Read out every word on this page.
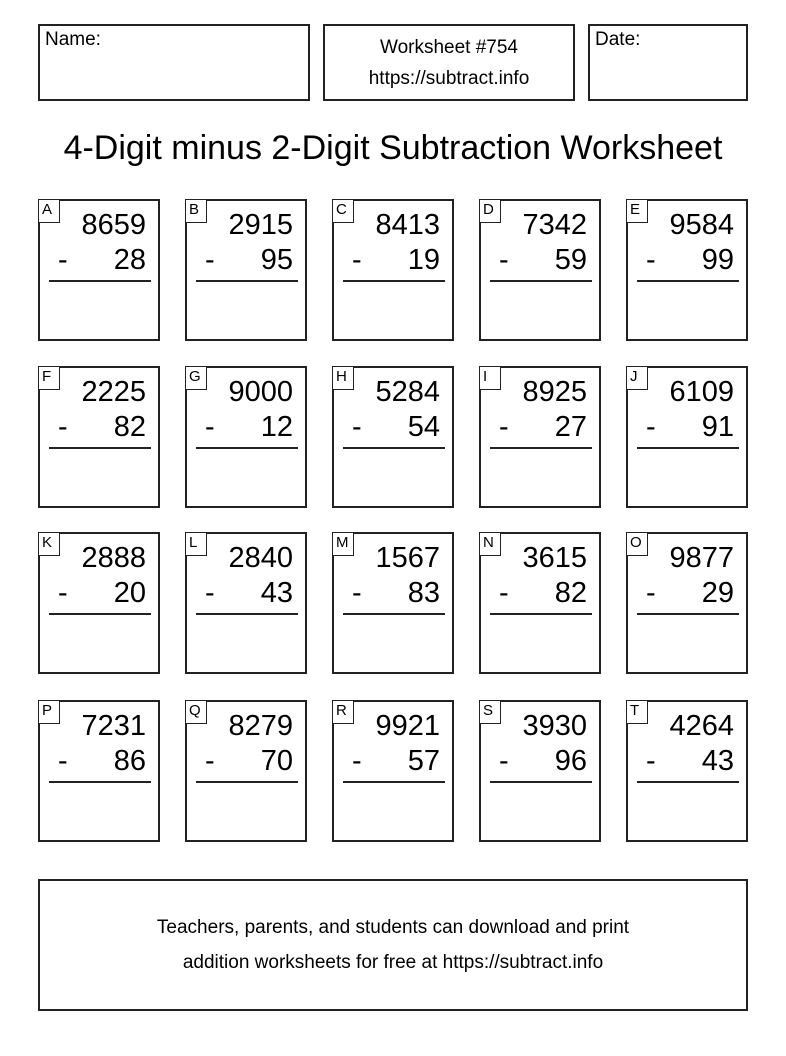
Name:	Worksheet #754
https://subtract.info
Date:
4-Digit minus 2-Digit Subtraction Worksheet
A 8659
- 28
B 2915
- 95
C 8413
- 19
D 7342
- 59
E 9584
- 99
F	2225
- 82
G 9000
- 12
H 5284
- 54
I	8925
- 27
J	6109
- 91
K 2888
- 20
L	2840
- 43
M 1567
- 83
N 3615
- 82
O 9877
- 29
P 7231
- 86
Q 8279
- 70
R 9921
- 57
S 3930
- 96
T	4264
- 43
Teachers, parents, and students can download and print
addition worksheets for free at https://subtract.info
